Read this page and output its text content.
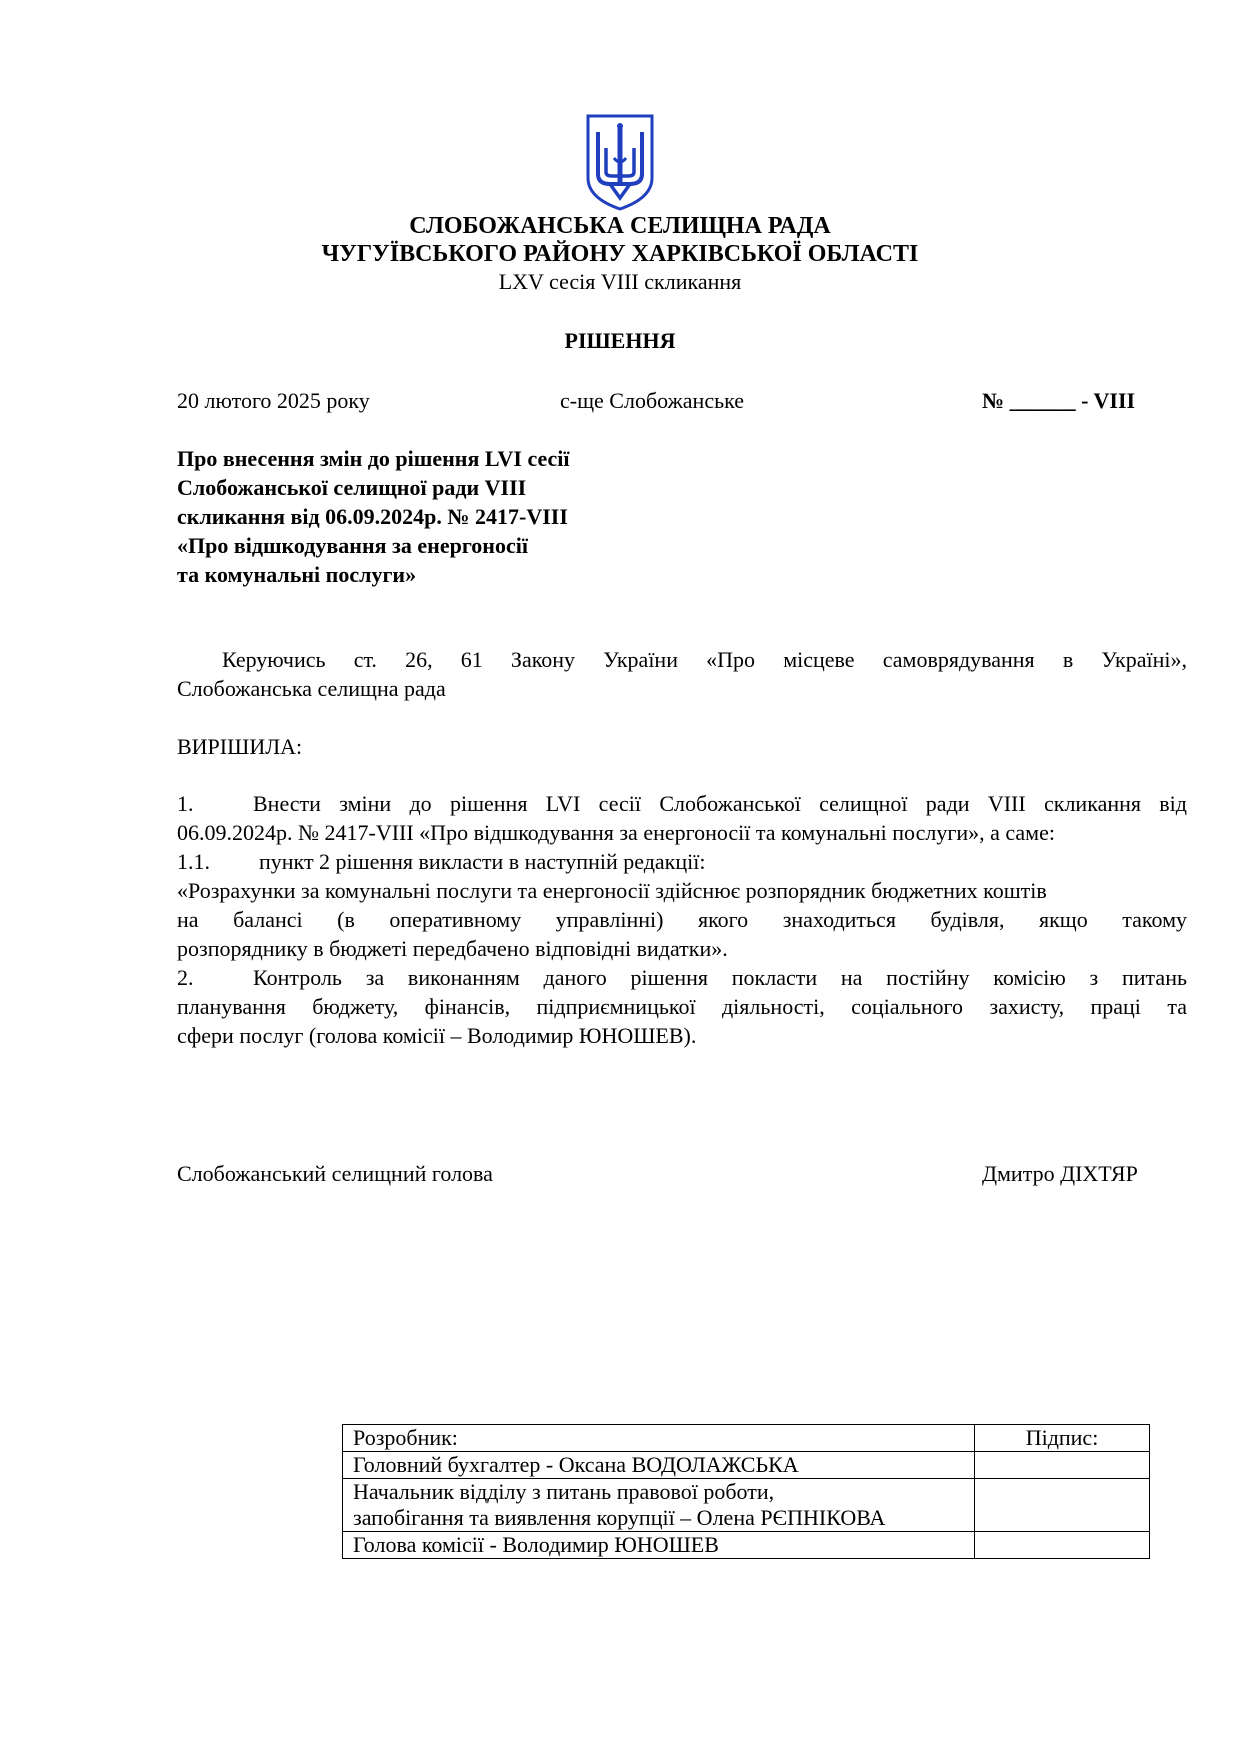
СЛОБОЖАНСЬКА СЕЛИЩНА РАДА
ЧУГУЇВСЬКОГО РАЙОНУ ХАРКІВСЬКОЇ ОБЛАСТІ
LXV сесія VIII скликання
РІШЕННЯ
20 лютого 2025 року	с-ще Слобожанське	№ ______ - VIII
Про внесення змін до рішення LVI сесії
Слобожанської селищної ради VIII
скликання від 06.09.2024р. № 2417-VIII
«Про відшкодування за енергоносії
та комунальні послуги»
Керуючись ст. 26, 61 Закону України «Про місцеве самоврядування в Україні»,
Слобожанська селищна рада
ВИРІШИЛА:
1.	Внести зміни до рішення LVI сесії Слобожанської селищної ради VIII скликання від
06.09.2024р. № 2417-VIII «Про відшкодування за енергоносії та комунальні послуги», а саме:
1.1. пункт 2 рішення викласти в наступній редакції:
«Розрахунки за комунальні послуги та енергоносії здійснює розпорядник бюджетних коштів
на балансі (в оперативному управлінні) якого знаходиться будівля, якщо такому
розпоряднику в бюджеті передбачено відповідні видатки».
2.	Контроль за виконанням даного рішення покласти на постійну комісію з питань
планування бюджету, фінансів, підприємницької діяльності, соціального захисту, праці та
сфери послуг (голова комісії – Володимир ЮНОШЕВ).
Слобожанський селищний голова	Дмитро ДІХТЯР
Розробник:	Підпис:
Головний бухгалтер - Оксана ВОДОЛАЖСЬКА	

Начальник відділу з питань правової роботи,
запобігання та виявлення корупції – Олена РЄПНІКОВА	

Голова комісії - Володимир ЮНОШЕВ	
